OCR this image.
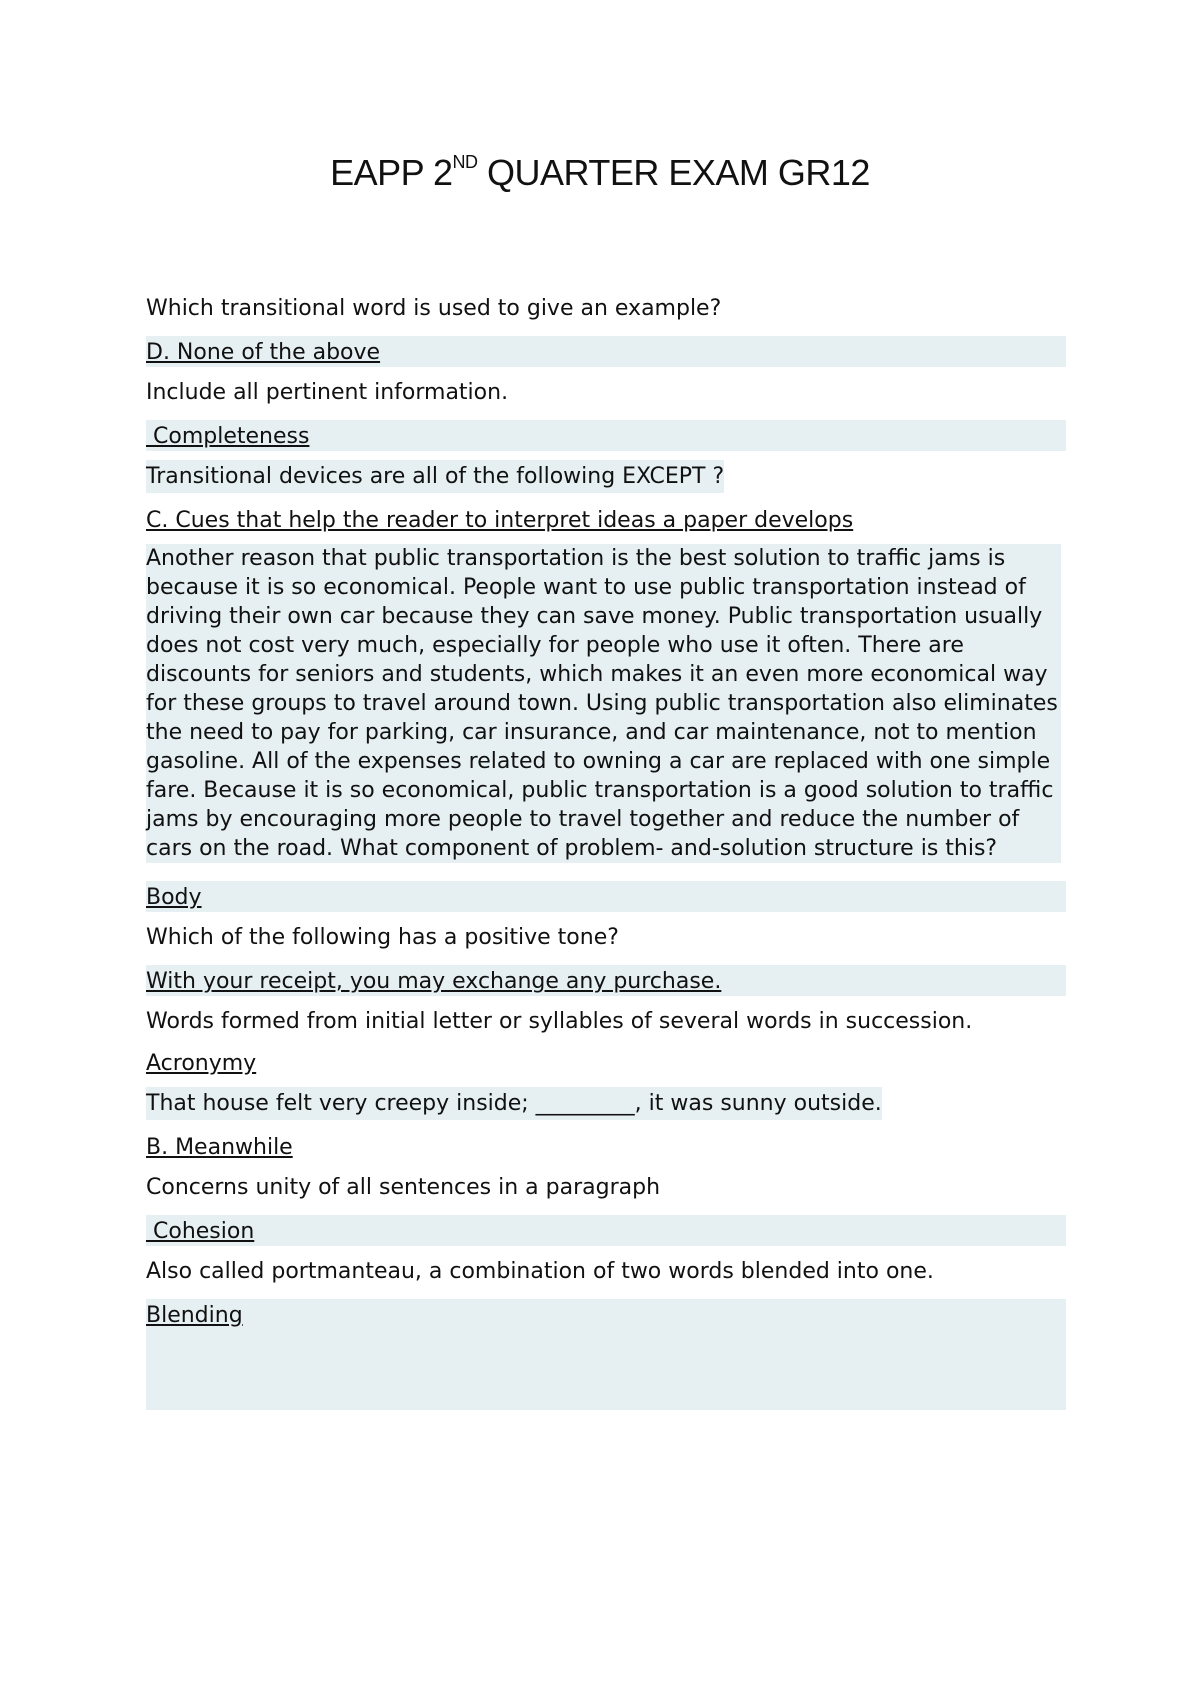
EAPP 2ND QUARTER EXAM GR12
Which transitional word is used to give an example?
D. None of the above
Include all pertinent information.
Completeness
Transitional devices are all of the following EXCEPT ?
C. Cues that help the reader to interpret ideas a paper develops
Another reason that public transportation is the best solution to traffic jams is because it is so economical. People want to use public transportation instead of driving their own car because they can save money. Public transportation usually does not cost very much, especially for people who use it often. There are discounts for seniors and students, which makes it an even more economical way for these groups to travel around town. Using public transportation also eliminates the need to pay for parking, car insurance, and car maintenance, not to mention gasoline. All of the expenses related to owning a car are replaced with one simple fare. Because it is so economical, public transportation is a good solution to traffic jams by encouraging more people to travel together and reduce the number of cars on the road. What component of problem- and-solution structure is this?
Body
Which of the following has a positive tone?
With your receipt, you may exchange any purchase.
Words formed from initial letter or syllables of several words in succession.
Acronymy
That house felt very creepy inside; _________, it was sunny outside.
B. Meanwhile
Concerns unity of all sentences in a paragraph
Cohesion
Also called portmanteau, a combination of two words blended into one.
Blending
